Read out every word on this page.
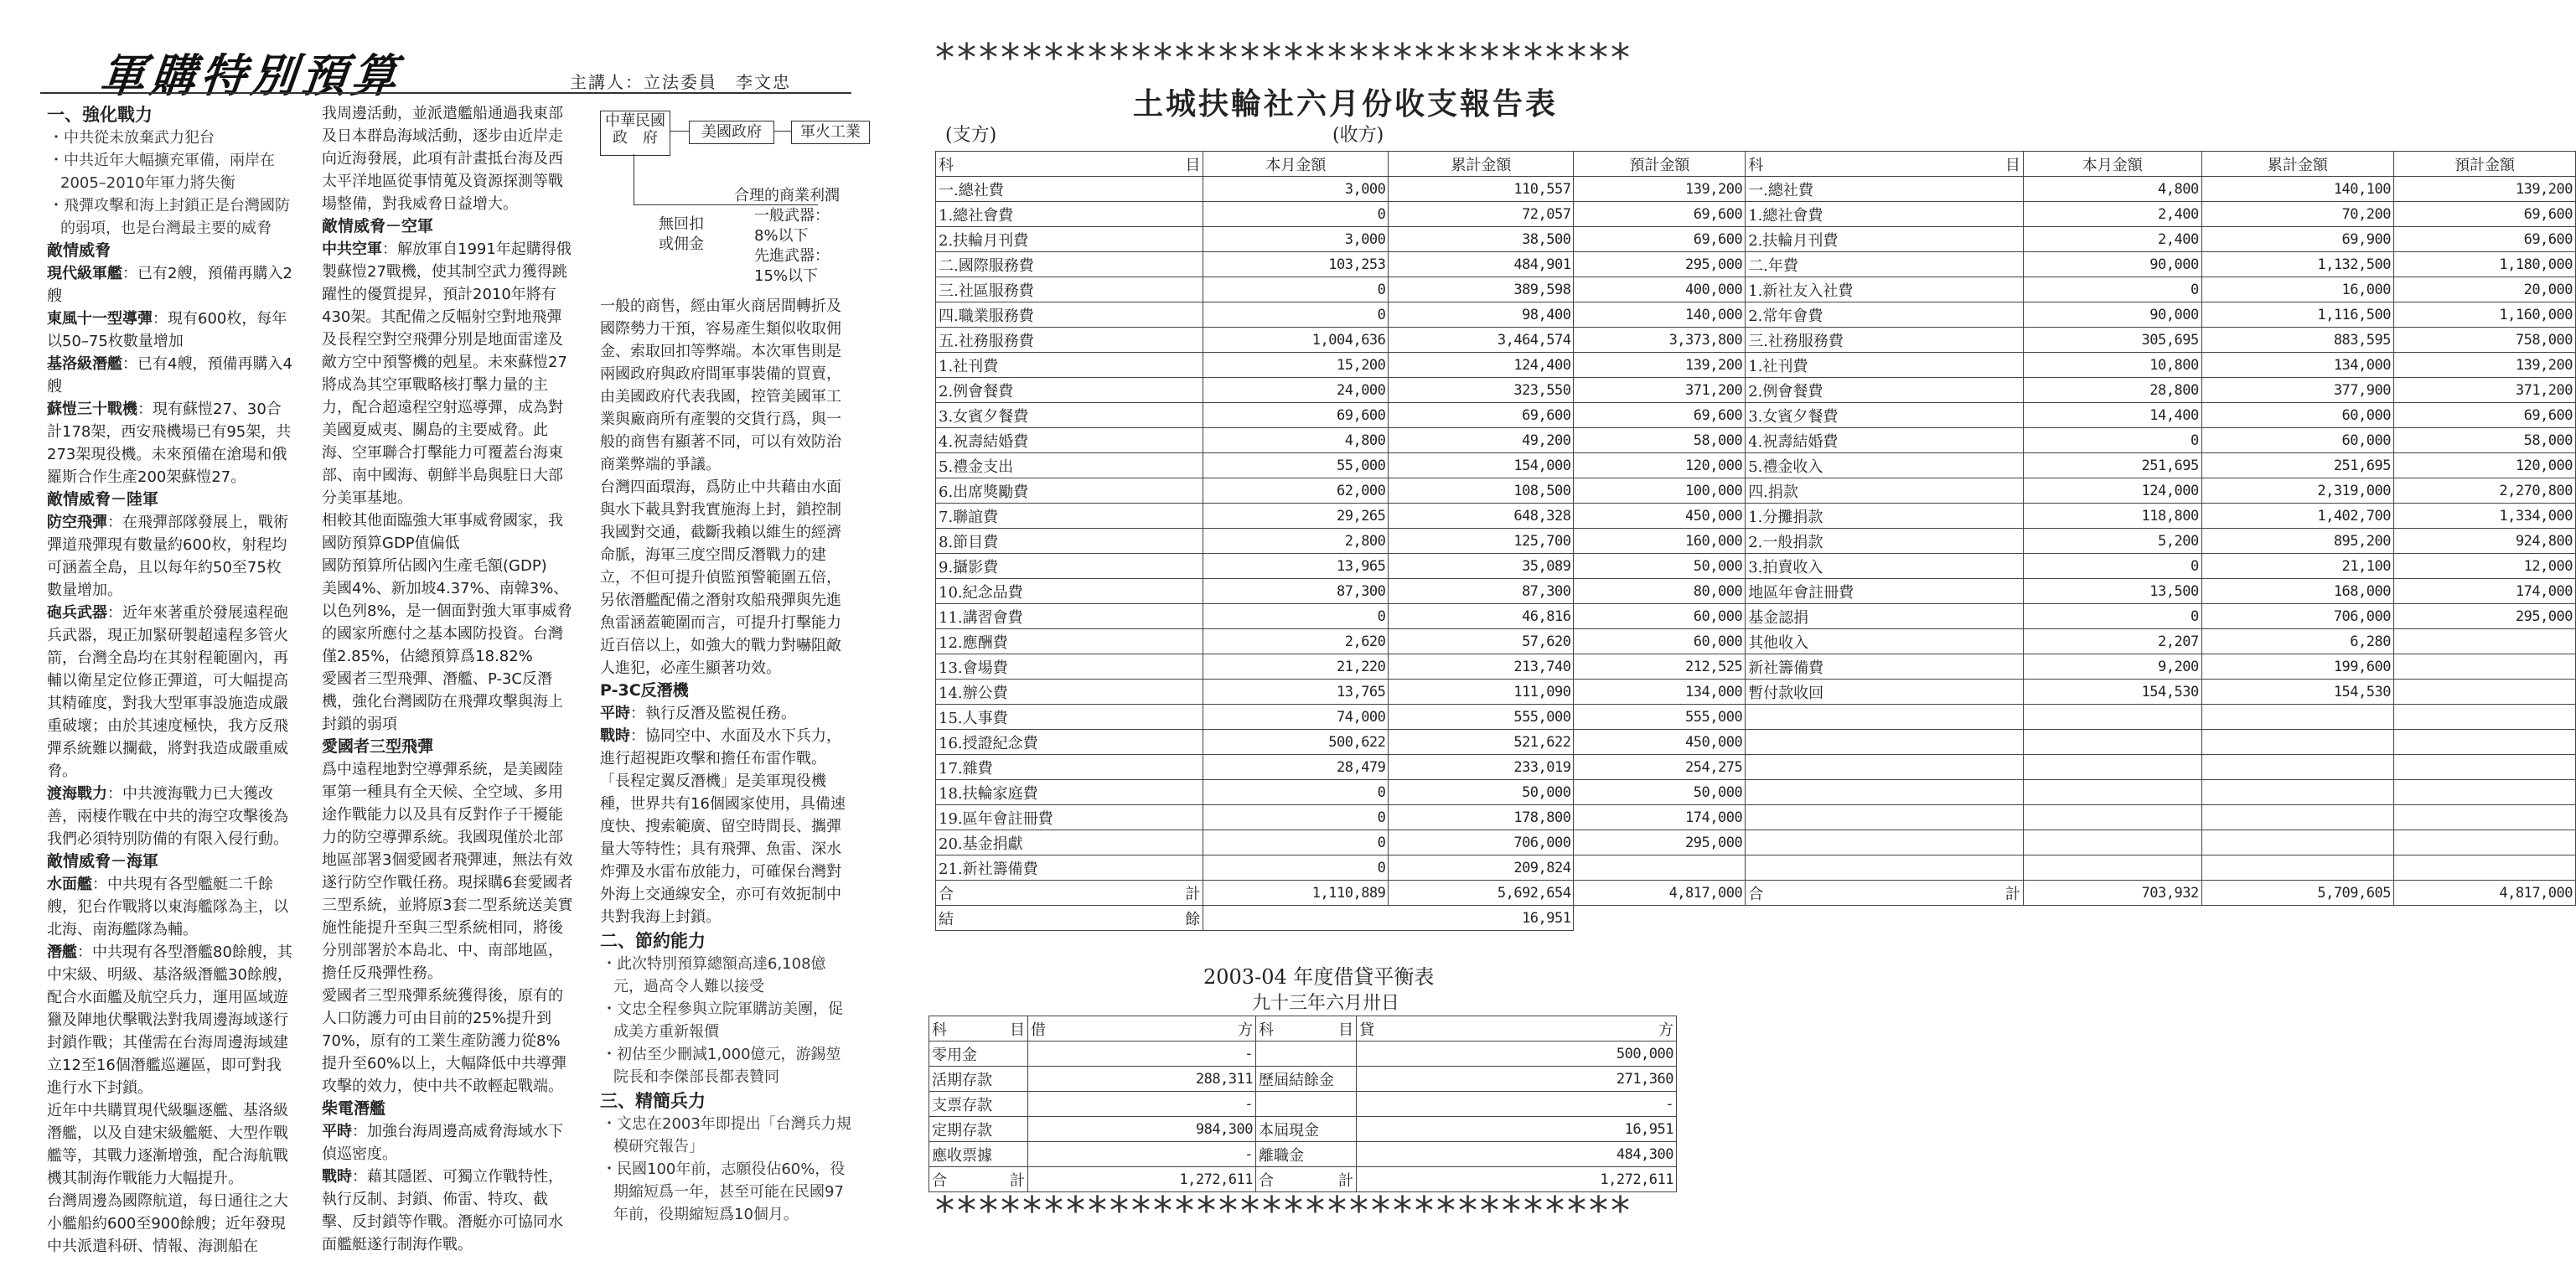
軍購特別預算	主講人：立法委員　李文忠

一、強化戰力

・中共從未放棄武力犯台

・中共近年大幅擴充軍備，兩岸在2005–2010年軍力將失衡

・飛彈攻擊和海上封鎖正是台灣國防的弱項，也是台灣最主要的威脅

敵情威脅

現代級軍艦：已有2艘，預備再購入2艘

東風十一型導彈：現有600枚，每年以50–75枚數量增加

基洛級潛艦：已有4艘，預備再購入4艘

蘇愷三十戰機：現有蘇愷27、30合計178架，西安飛機場已有95架，共273架現役機。未來預備在滄瑒和俄羅斯合作生產200架蘇愷27。

敵情威脅－陸軍

防空飛彈：在飛彈部隊發展上，戰術彈道飛彈現有數量約600枚，射程均可涵蓋全島，且以每年約50至75枚數量增加。

砲兵武器：近年來著重於發展遠程砲兵武器，現正加緊研製超遠程多管火箭，台灣全島均在其射程範圍內，再輔以衛星定位修正彈道，可大幅提高其精確度，對我大型軍事設施造成嚴重破壞；由於其速度極快，我方反飛彈系統難以攔截，將對我造成嚴重威脅。

渡海戰力：中共渡海戰力已大獲改善，兩棲作戰在中共的海空攻擊後為我們必須特別防備的有限入侵行動。

敵情威脅－海軍

水面艦：中共現有各型艦艇二千餘艘，犯台作戰將以東海艦隊為主，以北海、南海艦隊為輔。

潛艦：中共現有各型潛艦80餘艘，其中宋級、明級、基洛級潛艦30餘艘，配合水面艦及航空兵力，運用區域遊獵及陣地伏擊戰法對我周邊海域遂行封鎖作戰；其僅需在台海周邊海域建立12至16個潛艦巡邏區，即可對我進行水下封鎖。

近年中共購買現代級驅逐艦、基洛級潛艦，以及自建宋級艦艇、大型作戰艦等，其戰力逐漸增強，配合海航戰機其制海作戰能力大幅提升。

台灣周邊為國際航道，每日通往之大小艦船約600至900餘艘；近年發現中共派遣科研、情報、海測船在

我周邊活動，並派遣艦船通過我東部及日本群島海域活動，逐步由近岸走向近海發展，此項有計畫抵台海及西太平洋地區從事情蒐及資源探測等戰場整備，對我威脅日益增大。

敵情威脅－空軍

中共空軍：解放軍自1991年起購得俄製蘇愷27戰機，使其制空武力獲得跳躍性的優質提昇，預計2010年將有430架。其配備之反幅射空對地飛彈及長程空對空飛彈分別是地面雷達及敵方空中預警機的剋星。未來蘇愷27將成為其空軍戰略核打擊力量的主力，配合超遠程空射巡導彈，成為對美國夏威夷、關島的主要威脅。此海、空軍聯合打擊能力可覆蓋台海東部、南中國海、朝鮮半島與駐日大部分美軍基地。

相較其他面臨強大軍事威脅國家，我國防預算GDP值偏低

國防預算所佔國內生產毛額(GDP)

美國4%、新加坡4.37%、南韓3%、以色列8%，是一個面對強大軍事威脅的國家所應付之基本國防投資。台灣僅2.85%，佔總預算爲18.82%

愛國者三型飛彈、潛艦、P-3C反潛機，強化台灣國防在飛彈攻擊與海上封鎖的弱項

愛國者三型飛彈

爲中遠程地對空導彈系統，是美國陸軍第一種具有全天候、全空域、多用途作戰能力以及具有反對作子干擾能力的防空導彈系統。我國現僅於北部地區部署3個愛國者飛彈連，無法有效遂行防空作戰任務。現採購6套愛國者三型系統，並將原3套二型系統送美實施性能提升至與三型系統相同，將後分別部署於本島北、中、南部地區，擔任反飛彈性務。

愛國者三型飛彈系統獲得後，原有的人口防護力可由目前的25%提升到70%，原有的工業生產防護力從8%提升至60%以上，大幅降低中共導彈攻擊的效力，使中共不敢輕起戰端。

柴電潛艦

平時：加強台海周邊高威脅海域水下偵巡密度。

戰時：藉其隱匿、可獨立作戰特性，執行反制、封鎖、佈雷、特攻、截擊、反封鎖等作戰。潛艇亦可協同水面艦艇遂行制海作戰。

中華民國政　府	美國政府	軍火工業
無回扣或佣金
合理的商業利潤
一般武器：
8%以下
先進武器：
15%以下

一般的商售，經由軍火商居間轉折及國際勢力干預，容易產生類似收取佣金、索取回扣等弊端。本次軍售則是兩國政府與政府間軍事裝備的買賣，由美國政府代表我國，控管美國軍工業與廠商所有產製的交貨行爲，與一般的商售有顯著不同，可以有效防治商業弊端的爭議。

台灣四面環海，爲防止中共藉由水面與水下載具對我實施海上封，鎖控制我國對交通，截斷我賴以維生的經濟命脈，海軍三度空間反潛戰力的建立，不但可提升偵監預警範圍五倍，另依潛艦配備之潛射攻船飛彈與先進魚雷涵蓋範圍而言，可提升打擊能力近百倍以上，如強大的戰力對嚇阻敵人進犯，必產生顯著功效。

P-3C反潛機

平時：執行反潛及監視任務。

戰時：協同空中、水面及水下兵力，進行超視距攻擊和擔任布雷作戰。

「長程定翼反潛機」是美軍現役機種，世界共有16個國家使用，具備速度快、搜索範廣、留空時間長、攜彈量大等特性；具有飛彈、魚雷、深水炸彈及水雷布放能力，可確保台灣對外海上交通線安全，亦可有效扼制中共對我海上封鎖。

二、節約能力

・此次特別預算總額高達6,108億元，過高令人難以接受

・文忠全程參與立院軍購訪美團，促成美方重新報價

・初估至少刪減1,000億元，游錫堃院長和李傑部長都表贊同

三、精簡兵力

・文忠在2003年即提出「台灣兵力規模研究報告」

・民國100年前，志願役佔60%，役期縮短爲一年，甚至可能在民國97年前，役期縮短爲10個月。

********************************
土城扶輪社六月份收支報告表
(支方)	(收方)
科 目	本月金額	累計金額	預計金額	科 目	本月金額	累計金額	預計金額
一.總社費	3,000	110,557	139,200	一.總社費	4,800	140,100	139,200
1.總社會費	0	72,057	69,600	1.總社會費	2,400	70,200	69,600
2.扶輪月刊費	3,000	38,500	69,600	2.扶輪月刊費	2,400	69,900	69,600
二.國際服務費	103,253	484,901	295,000	二.年費	90,000	1,132,500	1,180,000
三.社區服務費	0	389,598	400,000	1.新社友入社費	0	16,000	20,000
四.職業服務費	0	98,400	140,000	2.常年會費	90,000	1,116,500	1,160,000
五.社務服務費	1,004,636	3,464,574	3,373,800	三.社務服務費	305,695	883,595	758,000
1.社刊費	15,200	124,400	139,200	1.社刊費	10,800	134,000	139,200
2.例會餐費	24,000	323,550	371,200	2.例會餐費	28,800	377,900	371,200
3.女賓夕餐費	69,600	69,600	69,600	3.女賓夕餐費	14,400	60,000	69,600
4.祝壽結婚費	4,800	49,200	58,000	4.祝壽結婚費	0	60,000	58,000
5.禮金支出	55,000	154,000	120,000	5.禮金收入	251,695	251,695	120,000
6.出席獎勵費	62,000	108,500	100,000	四.捐款	124,000	2,319,000	2,270,800
7.聯誼費	29,265	648,328	450,000	1.分攤捐款	118,800	1,402,700	1,334,000
8.節目費	2,800	125,700	160,000	2.一般捐款	5,200	895,200	924,800
9.攝影費	13,965	35,089	50,000	3.拍賣收入	0	21,100	12,000
10.紀念品費	87,300	87,300	80,000	地區年會註冊費	13,500	168,000	174,000
11.講習會費	0	46,816	60,000	基金認捐	0	706,000	295,000
12.應酬費	2,620	57,620	60,000	其他收入	2,207	6,280	
13.會場費	21,220	213,740	212,525	新社籌備費	9,200	199,600	
14.辦公費	13,765	111,090	134,000	暫付款收回	154,530	154,530	
15.人事費	74,000	555,000	555,000				
16.授證紀念費	500,622	521,622	450,000				
17.雜費	28,479	233,019	254,275				
18.扶輪家庭費	0	50,000	50,000				
19.區年會註冊費	0	178,800	174,000				
20.基金捐獻	0	706,000	295,000				
21.新社籌備費	0	209,824					

合 計	1,110,889	5,692,654	4,817,000	合 計	703,932	5,709,605	4,817,000

結 餘	16,951						
2003-04 年度借貸平衡表
九十三年六月卅日
科 目	借 方	科 目	貸 方

零用金	-		500,000
活期存款	288,311	歷屆結餘金	271,360
支票存款	-		-
定期存款	984,300	本屆現金	16,951
應收票據	-	離職金	484,300

合 計	1,272,611	合 計	1,272,611
********************************
